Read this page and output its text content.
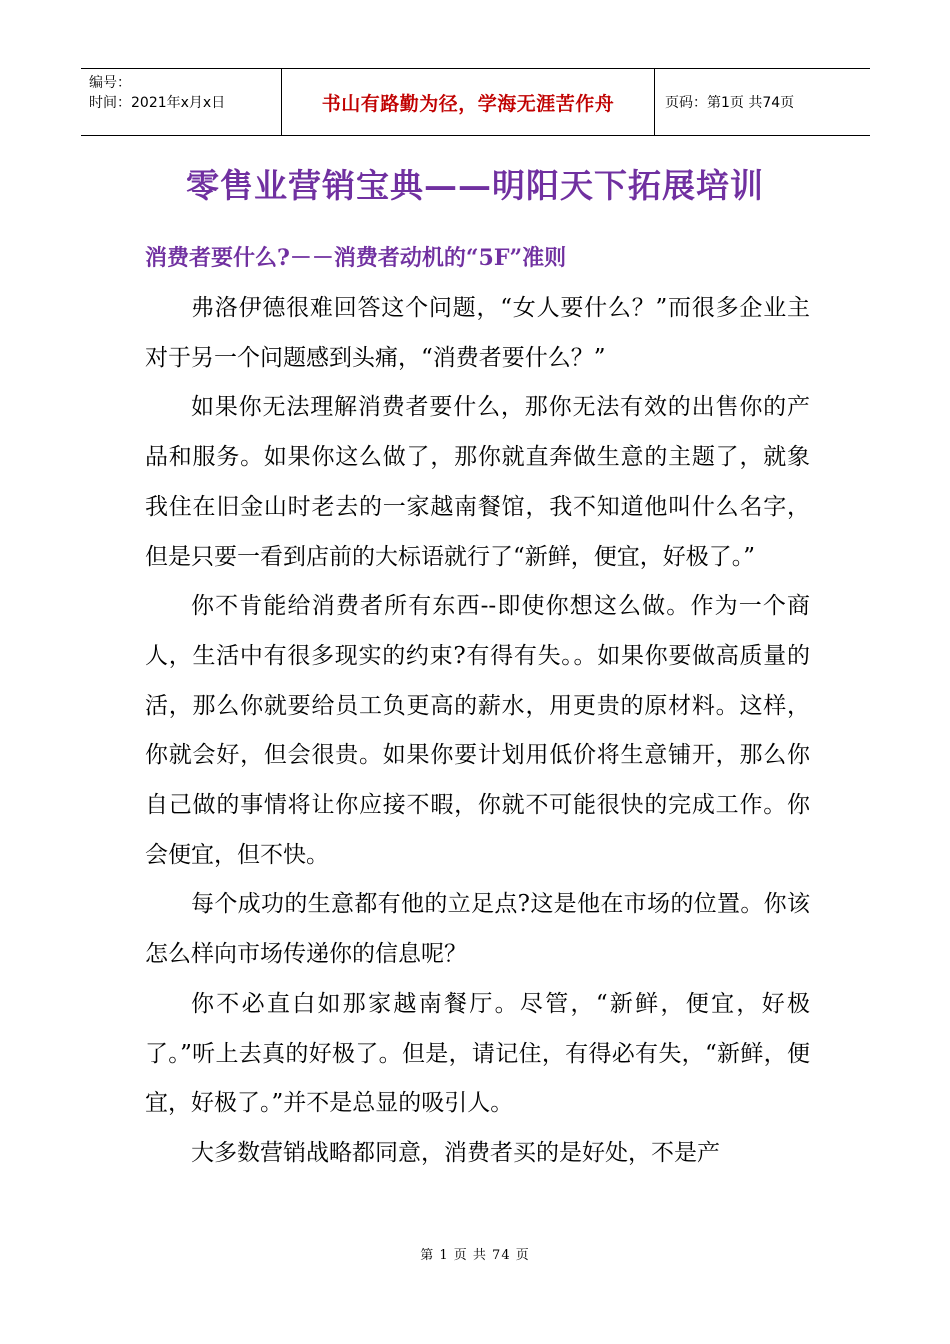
编号：
时间：2021年x月x日	书山有路勤为径，学海无涯苦作舟	页码：第1页 共74页
零售业营销宝典——明阳天下拓展培训
消费者要什么?－－消费者动机的“5F”准则

弗洛伊德很难回答这个问题，“女人要什么？”而很多企业主对于另一个问题感到头痛，“消费者要什么？”

如果你无法理解消费者要什么，那你无法有效的出售你的产品和服务。如果你这么做了，那你就直奔做生意的主题了，就象我住在旧金山时老去的一家越南餐馆，我不知道他叫什么名字，但是只要一看到店前的大标语就行了“新鲜，便宜，好极了。”

你不肯能给消费者所有东西--即使你想这么做。作为一个商人，生活中有很多现实的约束?有得有失。。如果你要做高质量的活，那么你就要给员工负更高的薪水，用更贵的原材料。这样，你就会好，但会很贵。如果你要计划用低价将生意铺开，那么你自己做的事情将让你应接不暇，你就不可能很快的完成工作。你会便宜，但不快。

每个成功的生意都有他的立足点?这是他在市场的位置。你该怎么样向市场传递你的信息呢？

你不必直白如那家越南餐厅。尽管，“新鲜，便宜，好极了。”听上去真的好极了。但是，请记住，有得必有失，“新鲜，便宜，好极了。”并不是总显的吸引人。

大多数营销战略都同意，消费者买的是好处，不是产

第 1 页 共 74 页
